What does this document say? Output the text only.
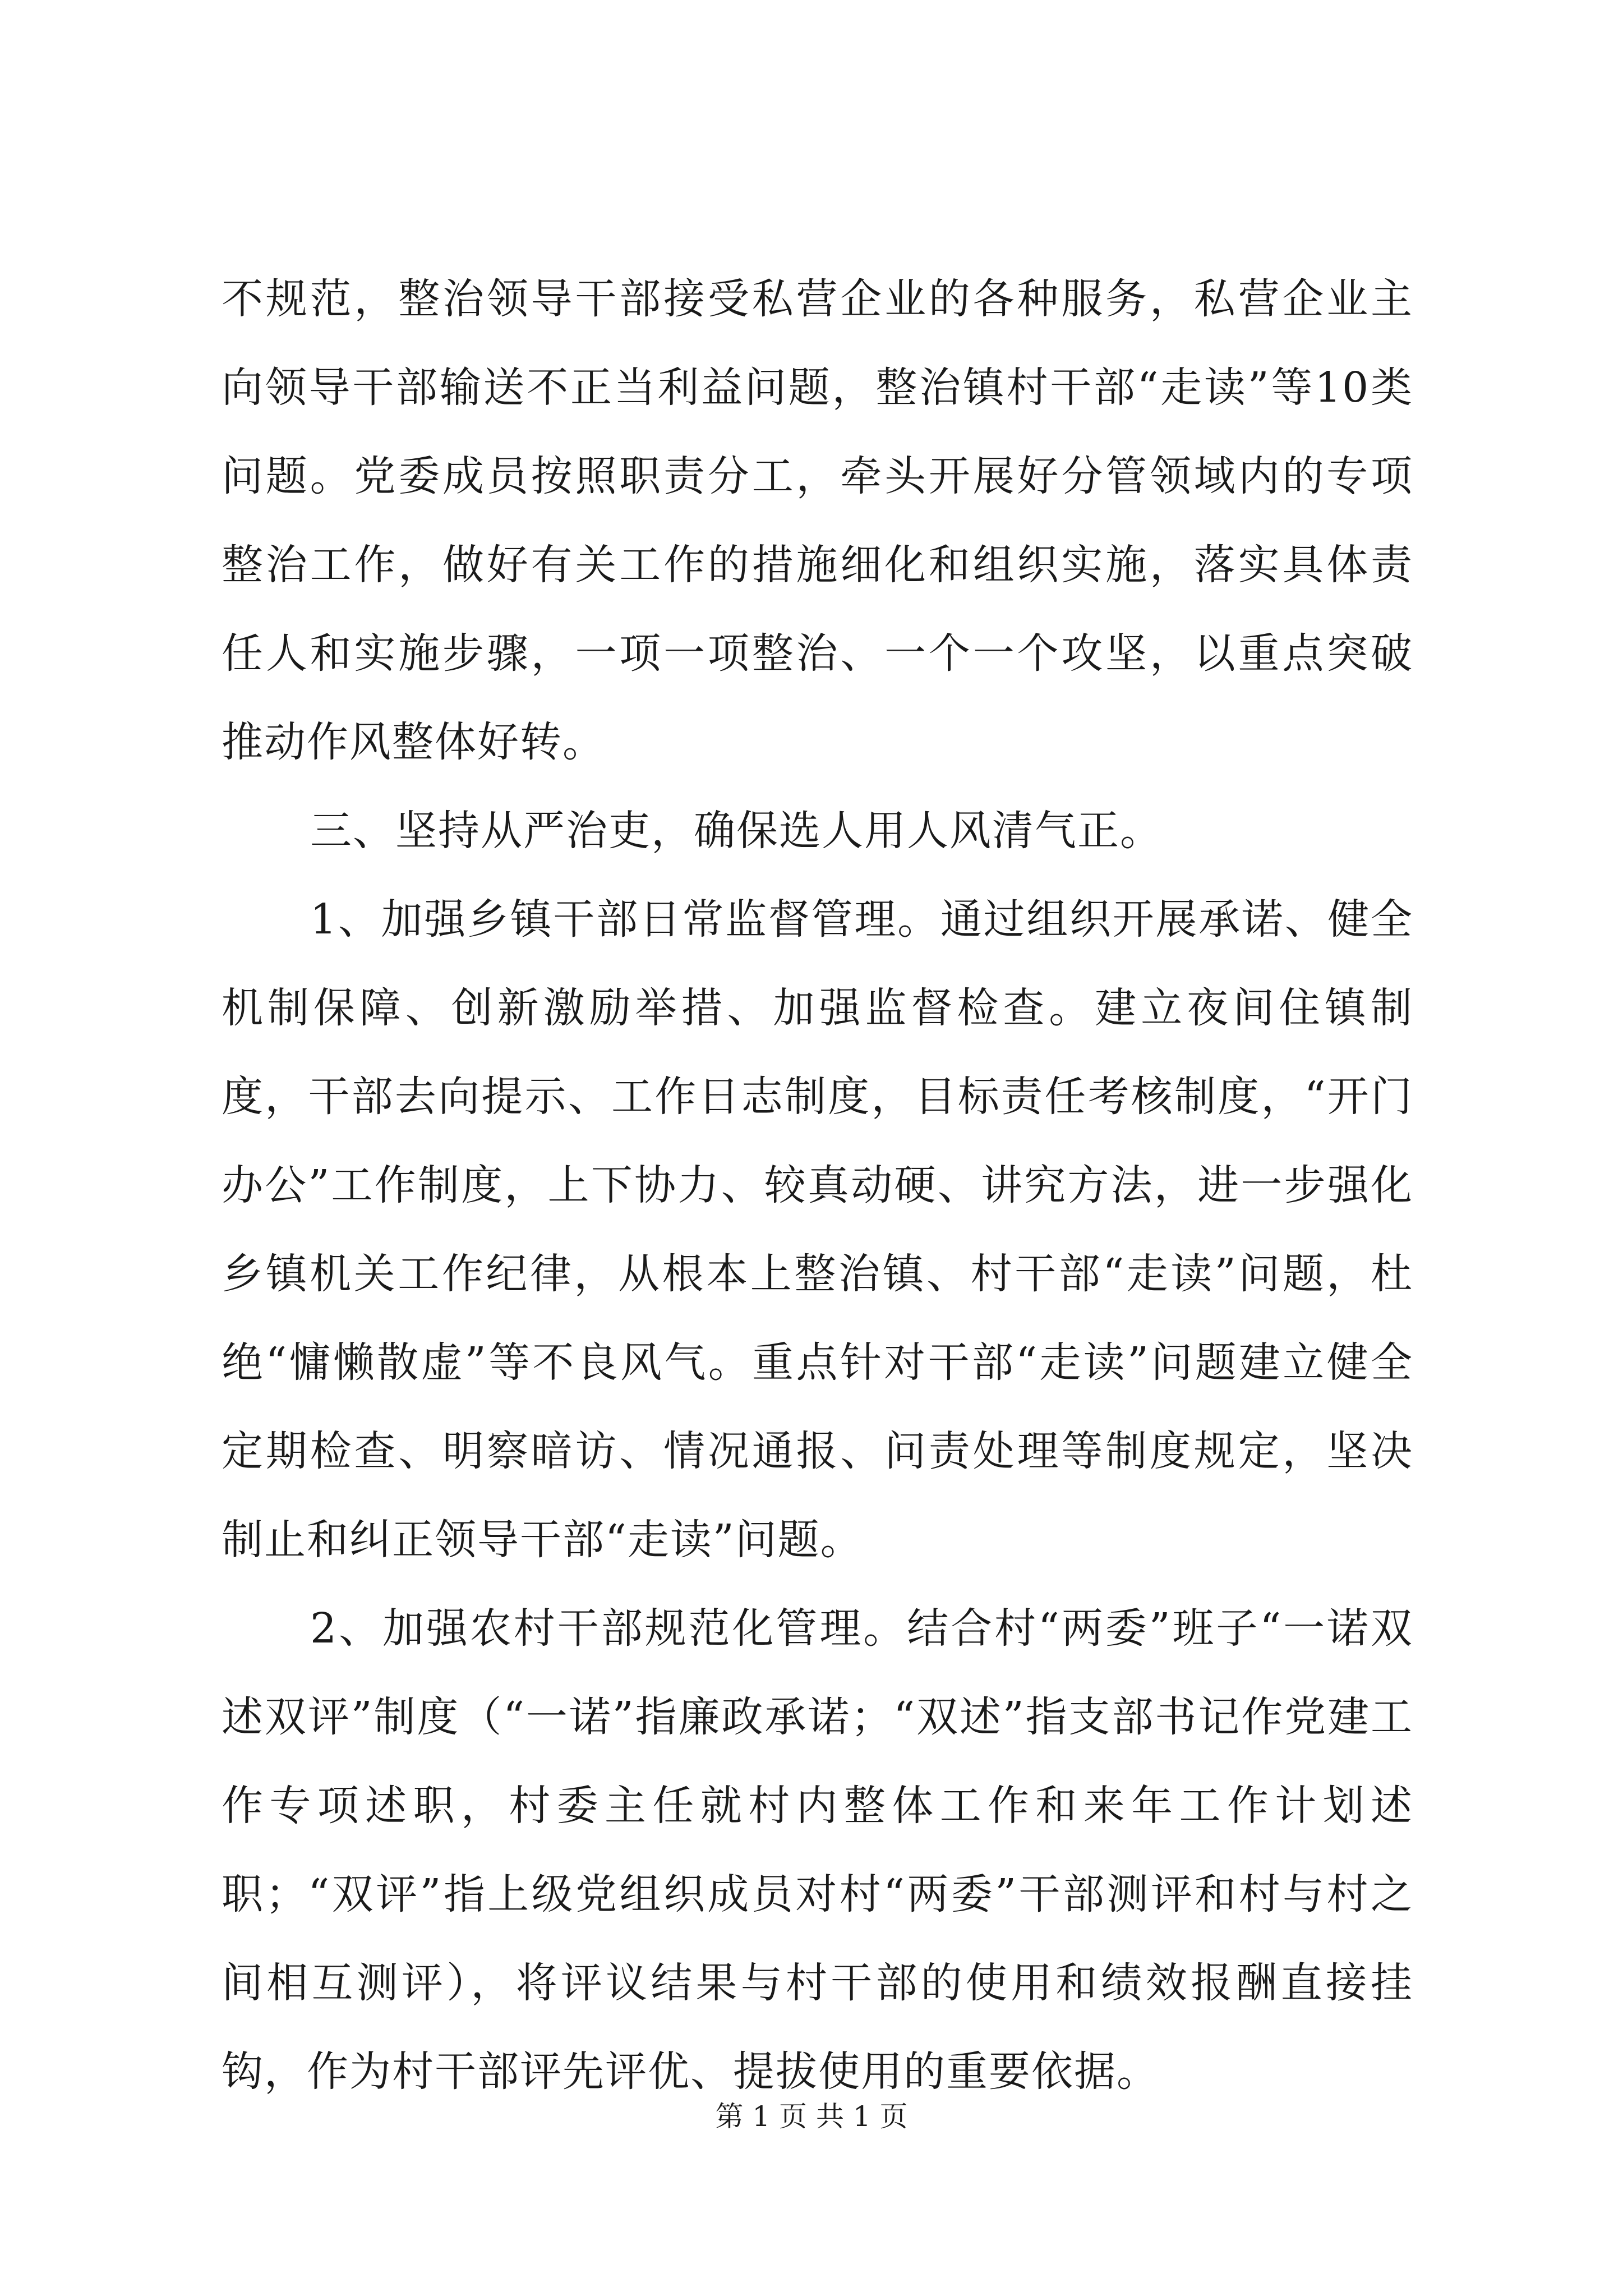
不规范，整治领导干部接受私营企业的各种服务，私营企业主向领导干部输送不正当利益问题，整治镇村干部“走读”等10类问题。党委成员按照职责分工，牵头开展好分管领域内的专项整治工作，做好有关工作的措施细化和组织实施，落实具体责任人和实施步骤，一项一项整治、一个一个攻坚，以重点突破推动作风整体好转。

三、坚持从严治吏，确保选人用人风清气正。

1、加强乡镇干部日常监督管理。通过组织开展承诺、健全机制保障、创新激励举措、加强监督检查。建立夜间住镇制度，干部去向提示、工作日志制度，目标责任考核制度，“开门办公”工作制度，上下协力、较真动硬、讲究方法，进一步强化乡镇机关工作纪律，从根本上整治镇、村干部“走读”问题，杜绝“慵懒散虚”等不良风气。重点针对干部“走读”问题建立健全定期检查、明察暗访、情况通报、问责处理等制度规定，坚决制止和纠正领导干部“走读”问题。

2、加强农村干部规范化管理。结合村“两委”班子“一诺双述双评”制度（“一诺”指廉政承诺；“双述”指支部书记作党建工作专项述职，村委主任就村内整体工作和来年工作计划述职；“双评”指上级党组织成员对村“两委”干部测评和村与村之间相互测评），将评议结果与村干部的使用和绩效报酬直接挂钩，作为村干部评先评优、提拔使用的重要依据。

第 1 页 共 1 页
